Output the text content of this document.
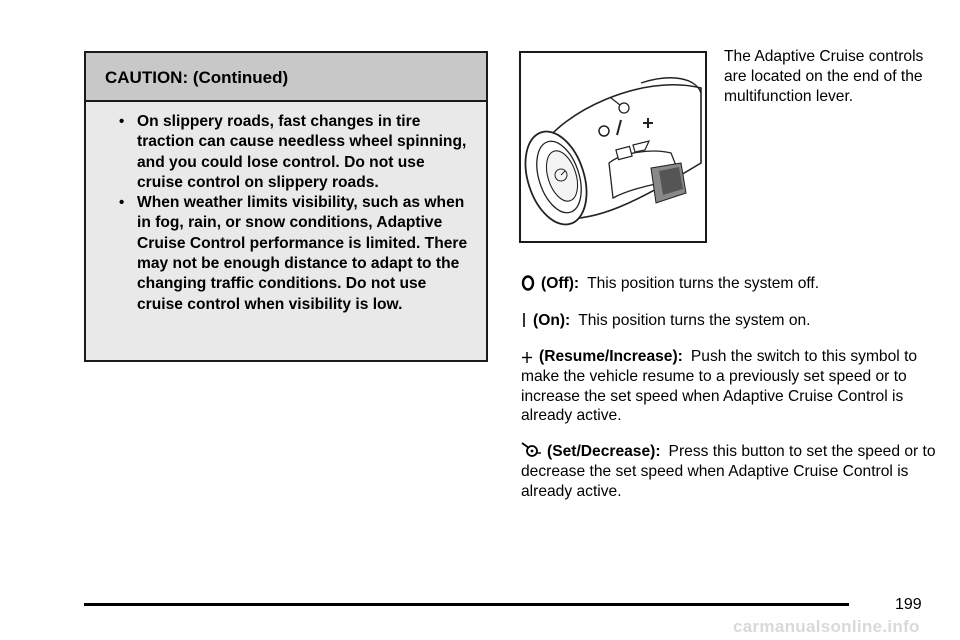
CAUTION: (Continued)
• On slippery roads, fast changes in tire traction can cause needless wheel spinning, and you could lose control. Do not use cruise control on slippery roads.
• When weather limits visibility, such as when in fog, rain, or snow conditions, Adaptive Cruise Control performance is limited. There may not be enough distance to adapt to the changing traffic conditions. Do not use cruise control when visibility is low.
The Adaptive Cruise controls are located on the end of the multifunction lever.
(Off): This position turns the system off.
(On): This position turns the system on.
(Resume/Increase): Push the switch to this symbol to make the vehicle resume to a previously set speed or to increase the set speed when Adaptive Cruise Control is already active.
(Set/Decrease): Press this button to set the speed or to decrease the set speed when Adaptive Cruise Control is already active.
199
carmanualsonline.info
